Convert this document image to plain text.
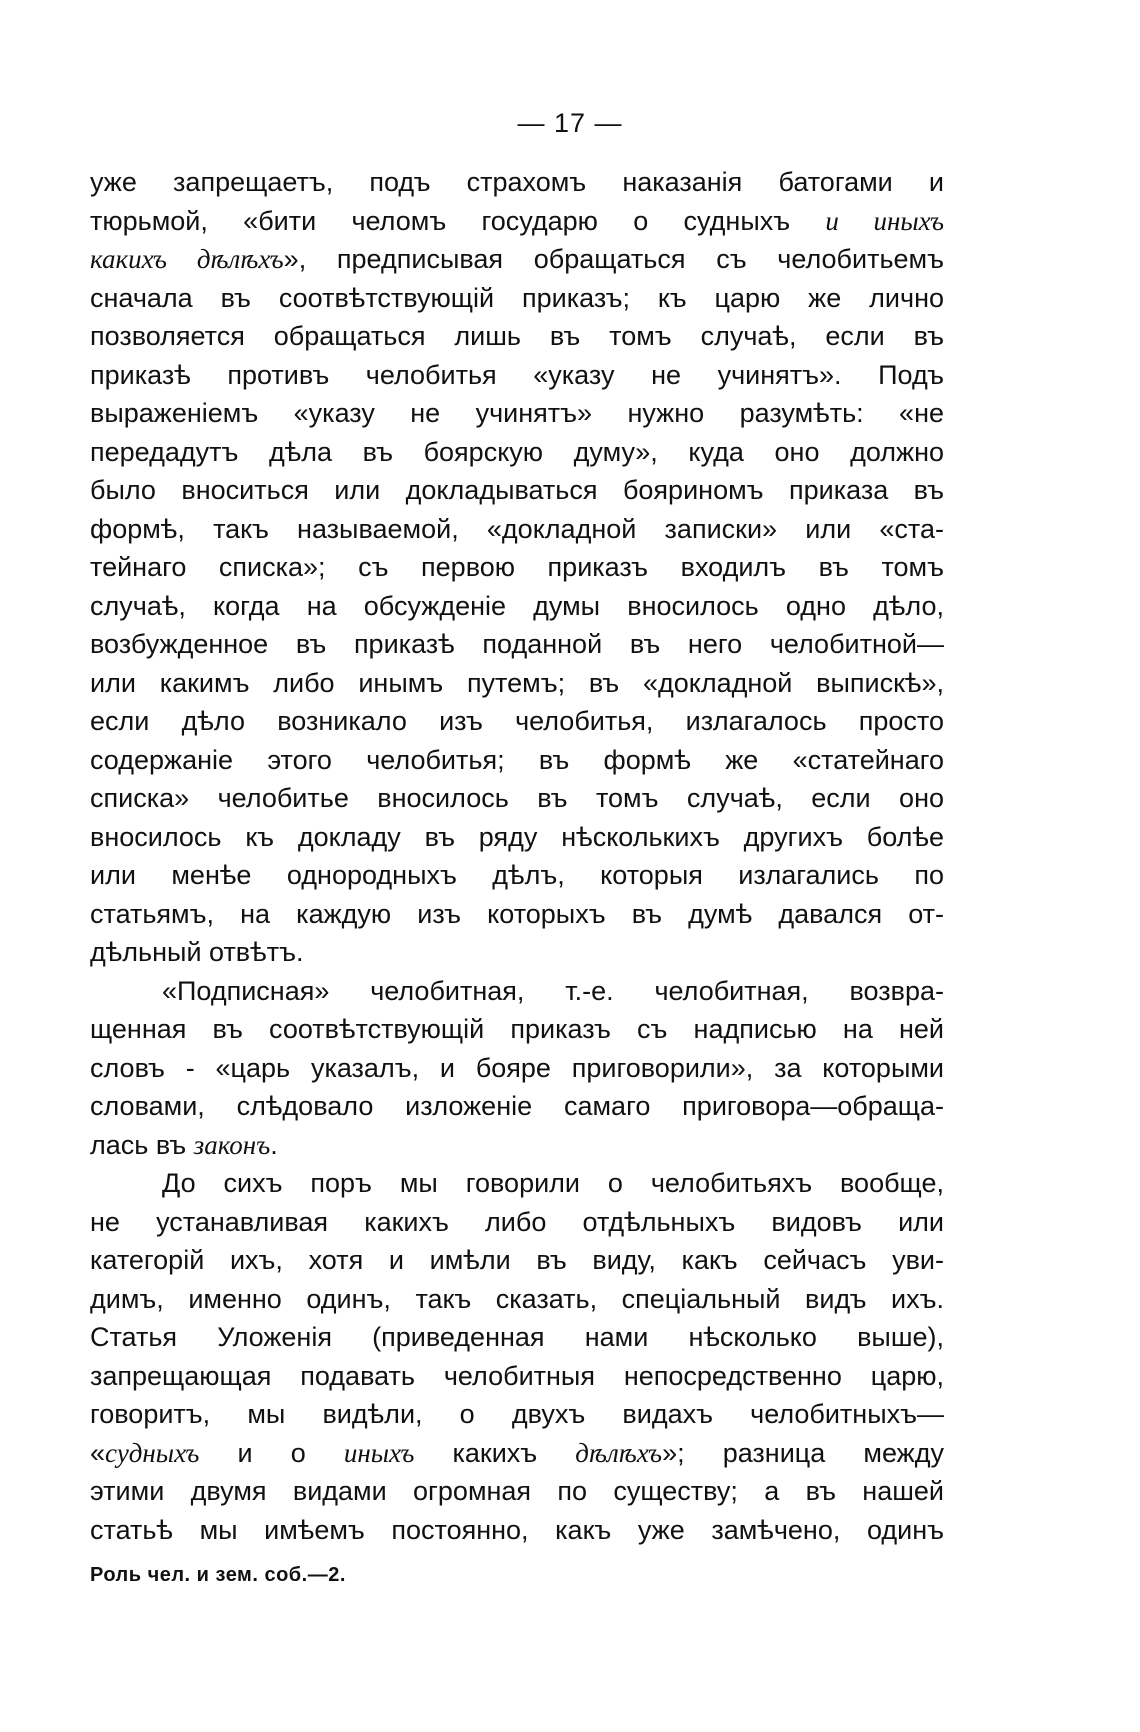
— 17 —
уже запрещаетъ, подъ страхомъ наказанія батогами и
тюрьмой, «бити челомъ государю о судныхъ и иныхъ
какихъ дѣлѣхъ», предписывая обращаться съ челобитьемъ
сначала въ соотвѣтствующій приказъ; къ царю же лично
позволяется обращаться лишь въ томъ случаѣ, если въ
приказѣ противъ челобитья «указу не учинятъ». Подъ
выраженіемъ «указу не учинятъ» нужно разумѣть: «не
передадутъ дѣла въ боярскую думу», куда оно должно
было вноситься или докладываться бояриномъ приказа въ
формѣ, такъ называемой, «докладной записки» или «ста-
тейнаго списка»; съ первою приказъ входилъ въ томъ
случаѣ, когда на обсужденіе думы вносилось одно дѣло,
возбужденное въ приказѣ поданной въ него челобитной—
или какимъ либо инымъ путемъ; въ «докладной выпискѣ»,
если дѣло возникало изъ челобитья, излагалось просто
содержаніе этого челобитья; въ формѣ же «статейнаго
списка» челобитье вносилось въ томъ случаѣ, если оно
вносилось къ докладу въ ряду нѣсколькихъ другихъ болѣе
или менѣе однородныхъ дѣлъ, которыя излагались по
статьямъ, на каждую изъ которыхъ въ думѣ давался от-
дѣльный отвѣтъ.
«Подписная» челобитная, т.-е. челобитная, возвра-
щенная въ соотвѣтствующій приказъ съ надписью на ней
словъ - «царь указалъ, и бояре приговорили», за которыми
словами, слѣдовало изложеніе самаго приговора—обраща-
лась въ законъ.
До сихъ поръ мы говорили о челобитьяхъ вообще,
не устанавливая какихъ либо отдѣльныхъ видовъ или
категорій ихъ, хотя и имѣли въ виду, какъ сейчасъ уви-
димъ, именно одинъ, такъ сказать, спеціальный видъ ихъ.
Статья Уложенія (приведенная нами нѣсколько выше),
запрещающая подавать челобитныя непосредственно царю,
говоритъ, мы видѣли, о двухъ видахъ челобитныхъ—
«судныхъ и о иныхъ какихъ дѣлѣхъ»; разница между
этими двумя видами огромная по существу; а въ нашей
статьѣ мы имѣемъ постоянно, какъ уже замѣчено, одинъ
Роль чел. и зем. соб.—2.
